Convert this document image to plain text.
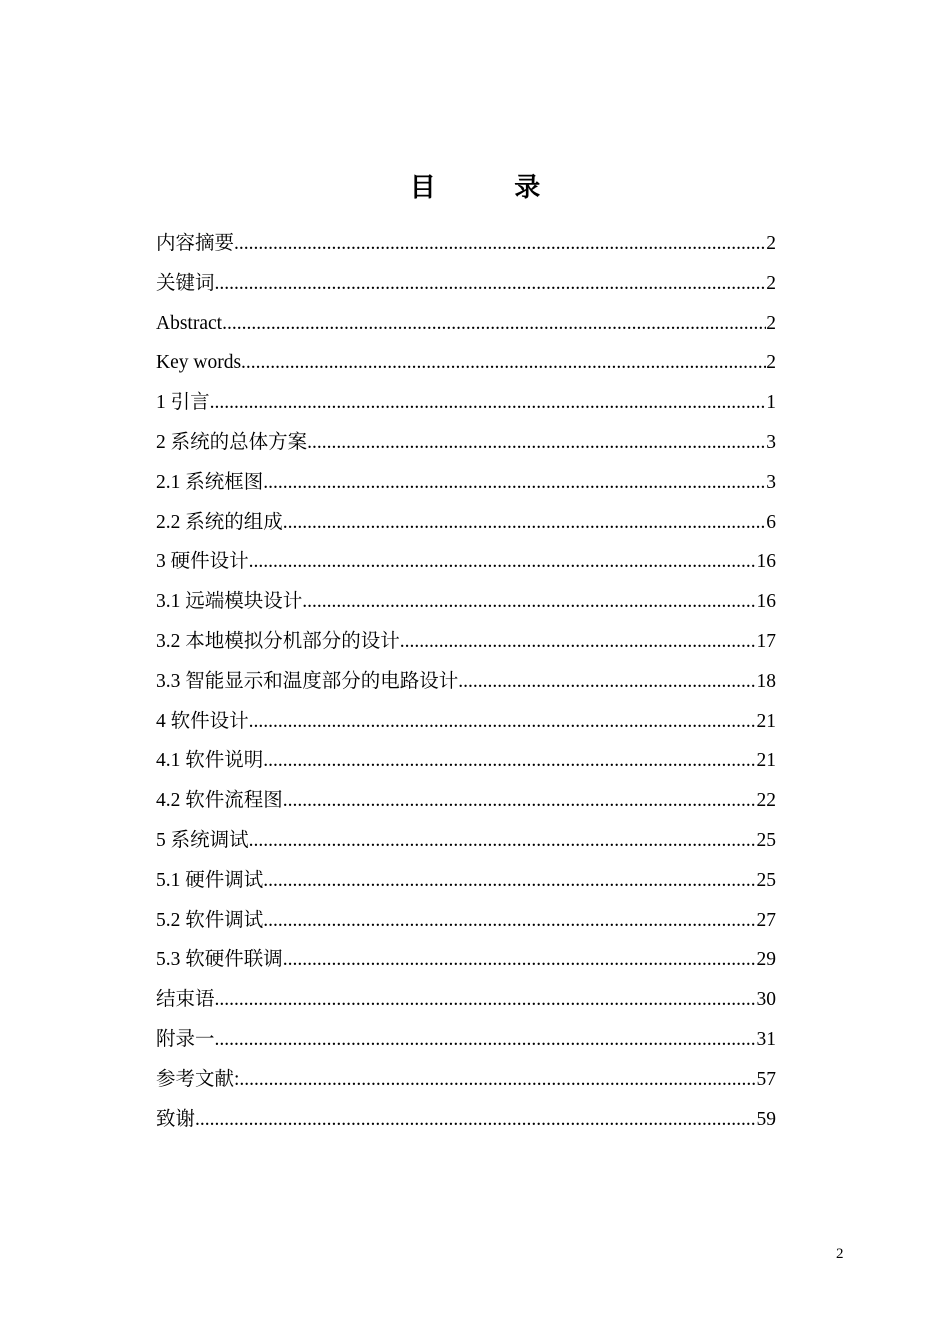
目 录
内容摘要 .....	2
关键词 .....	2
Abstract .....	2
Key words .....	2
1 引言 .....	1
2 系统的总体方案 .....	3
2.1 系统框图 .....	3
2.2 系统的组成 .....	6
3 硬件设计 .....	16
3.1 远端模块设计 .....	16
3.2 本地模拟分机部分的设计 .....	17
3.3 智能显示和温度部分的电路设计 .....	18
4 软件设计 .....	21
4.1 软件说明 .....	21
4.2 软件流程图 .....	22
5 系统调试 .....	25
5.1 硬件调试 .....	25
5.2 软件调试 .....	27
5.3 软硬件联调 .....	29
结束语 .....	30
附录一 .....	31
参考文献: .....	57
致谢 .....	59
2
